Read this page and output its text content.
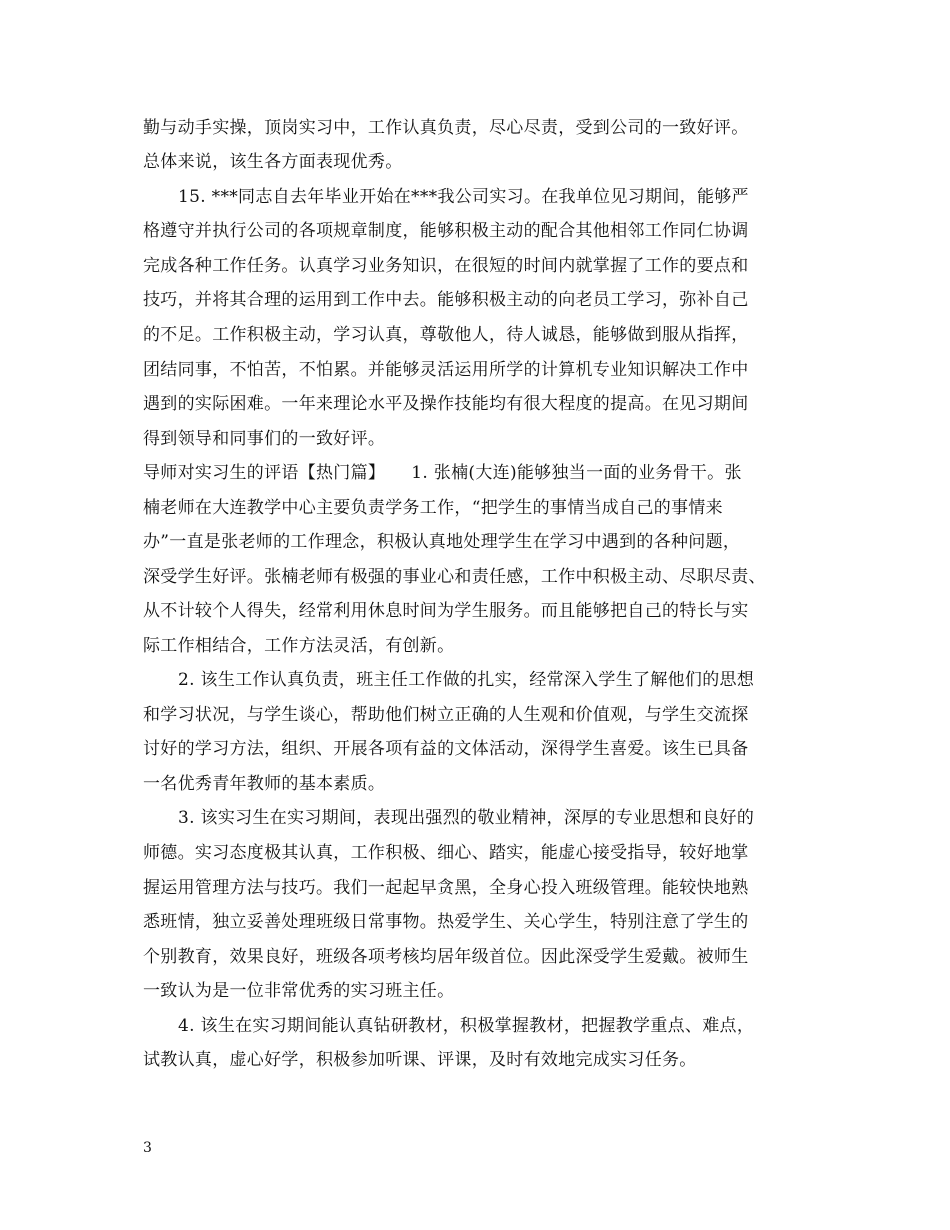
勤与动手实操，顶岗实习中，工作认真负责，尽心尽责，受到公司的一致好评。
总体来说，该生各方面表现优秀。
15. ***同志自去年毕业开始在***我公司实习。在我单位见习期间，能够严
格遵守并执行公司的各项规章制度，能够积极主动的配合其他相邻工作同仁协调
完成各种工作任务。认真学习业务知识，在很短的时间内就掌握了工作的要点和
技巧，并将其合理的运用到工作中去。能够积极主动的向老员工学习，弥补自己
的不足。工作积极主动，学习认真，尊敬他人，待人诚恳，能够做到服从指挥，
团结同事，不怕苦，不怕累。并能够灵活运用所学的计算机专业知识解决工作中
遇到的实际困难。一年来理论水平及操作技能均有很大程度的提高。在见习期间
得到领导和同事们的一致好评。
导师对实习生的评语【热门篇】　　1. 张楠(大连)能够独当一面的业务骨干。张
楠老师在大连教学中心主要负责学务工作，“把学生的事情当成自己的事情来
办”一直是张老师的工作理念，积极认真地处理学生在学习中遇到的各种问题，
深受学生好评。张楠老师有极强的事业心和责任感，工作中积极主动、尽职尽责、
从不计较个人得失，经常利用休息时间为学生服务。而且能够把自己的特长与实
际工作相结合，工作方法灵活，有创新。
2. 该生工作认真负责，班主任工作做的扎实，经常深入学生了解他们的思想
和学习状况，与学生谈心，帮助他们树立正确的人生观和价值观，与学生交流探
讨好的学习方法，组织、开展各项有益的文体活动，深得学生喜爱。该生已具备
一名优秀青年教师的基本素质。
3. 该实习生在实习期间，表现出强烈的敬业精神，深厚的专业思想和良好的
师德。实习态度极其认真，工作积极、细心、踏实，能虚心接受指导，较好地掌
握运用管理方法与技巧。我们一起起早贪黑，全身心投入班级管理。能较快地熟
悉班情，独立妥善处理班级日常事物。热爱学生、关心学生，特别注意了学生的
个别教育，效果良好，班级各项考核均居年级首位。因此深受学生爱戴。被师生
一致认为是一位非常优秀的实习班主任。
4. 该生在实习期间能认真钻研教材，积极掌握教材，把握教学重点、难点，
试教认真，虚心好学，积极参加听课、评课，及时有效地完成实习任务。
3
